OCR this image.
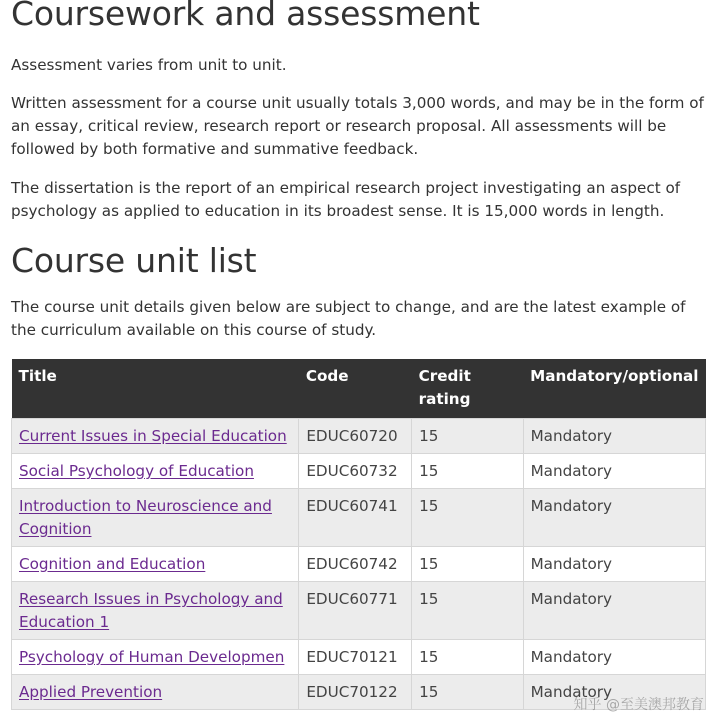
Coursework and assessment

Assessment varies from unit to unit.

Written assessment for a course unit usually totals 3,000 words, and may be in the form of an essay, critical review, research report or research proposal. All assessments will be followed by both formative and summative feedback.

The dissertation is the report of an empirical research project investigating an aspect of psychology as applied to education in its broadest sense. It is 15,000 words in length.

Course unit list

The course unit details given below are subject to change, and are the latest example of the curriculum available on this course of study.

Title	Code	Credit rating	Mandatory/optional
Current Issues in Special Education	EDUC60720	15	Mandatory
Social Psychology of Education	EDUC60732	15	Mandatory
Introduction to Neuroscience and Cognition	EDUC60741	15	Mandatory
Cognition and Education	EDUC60742	15	Mandatory
Research Issues in Psychology and Education 1	EDUC60771	15	Mandatory
Psychology of Human Developmen	EDUC70121	15	Mandatory
Applied Prevention	EDUC70122	15	Mandatory
知乎 @至美澳邦教育
